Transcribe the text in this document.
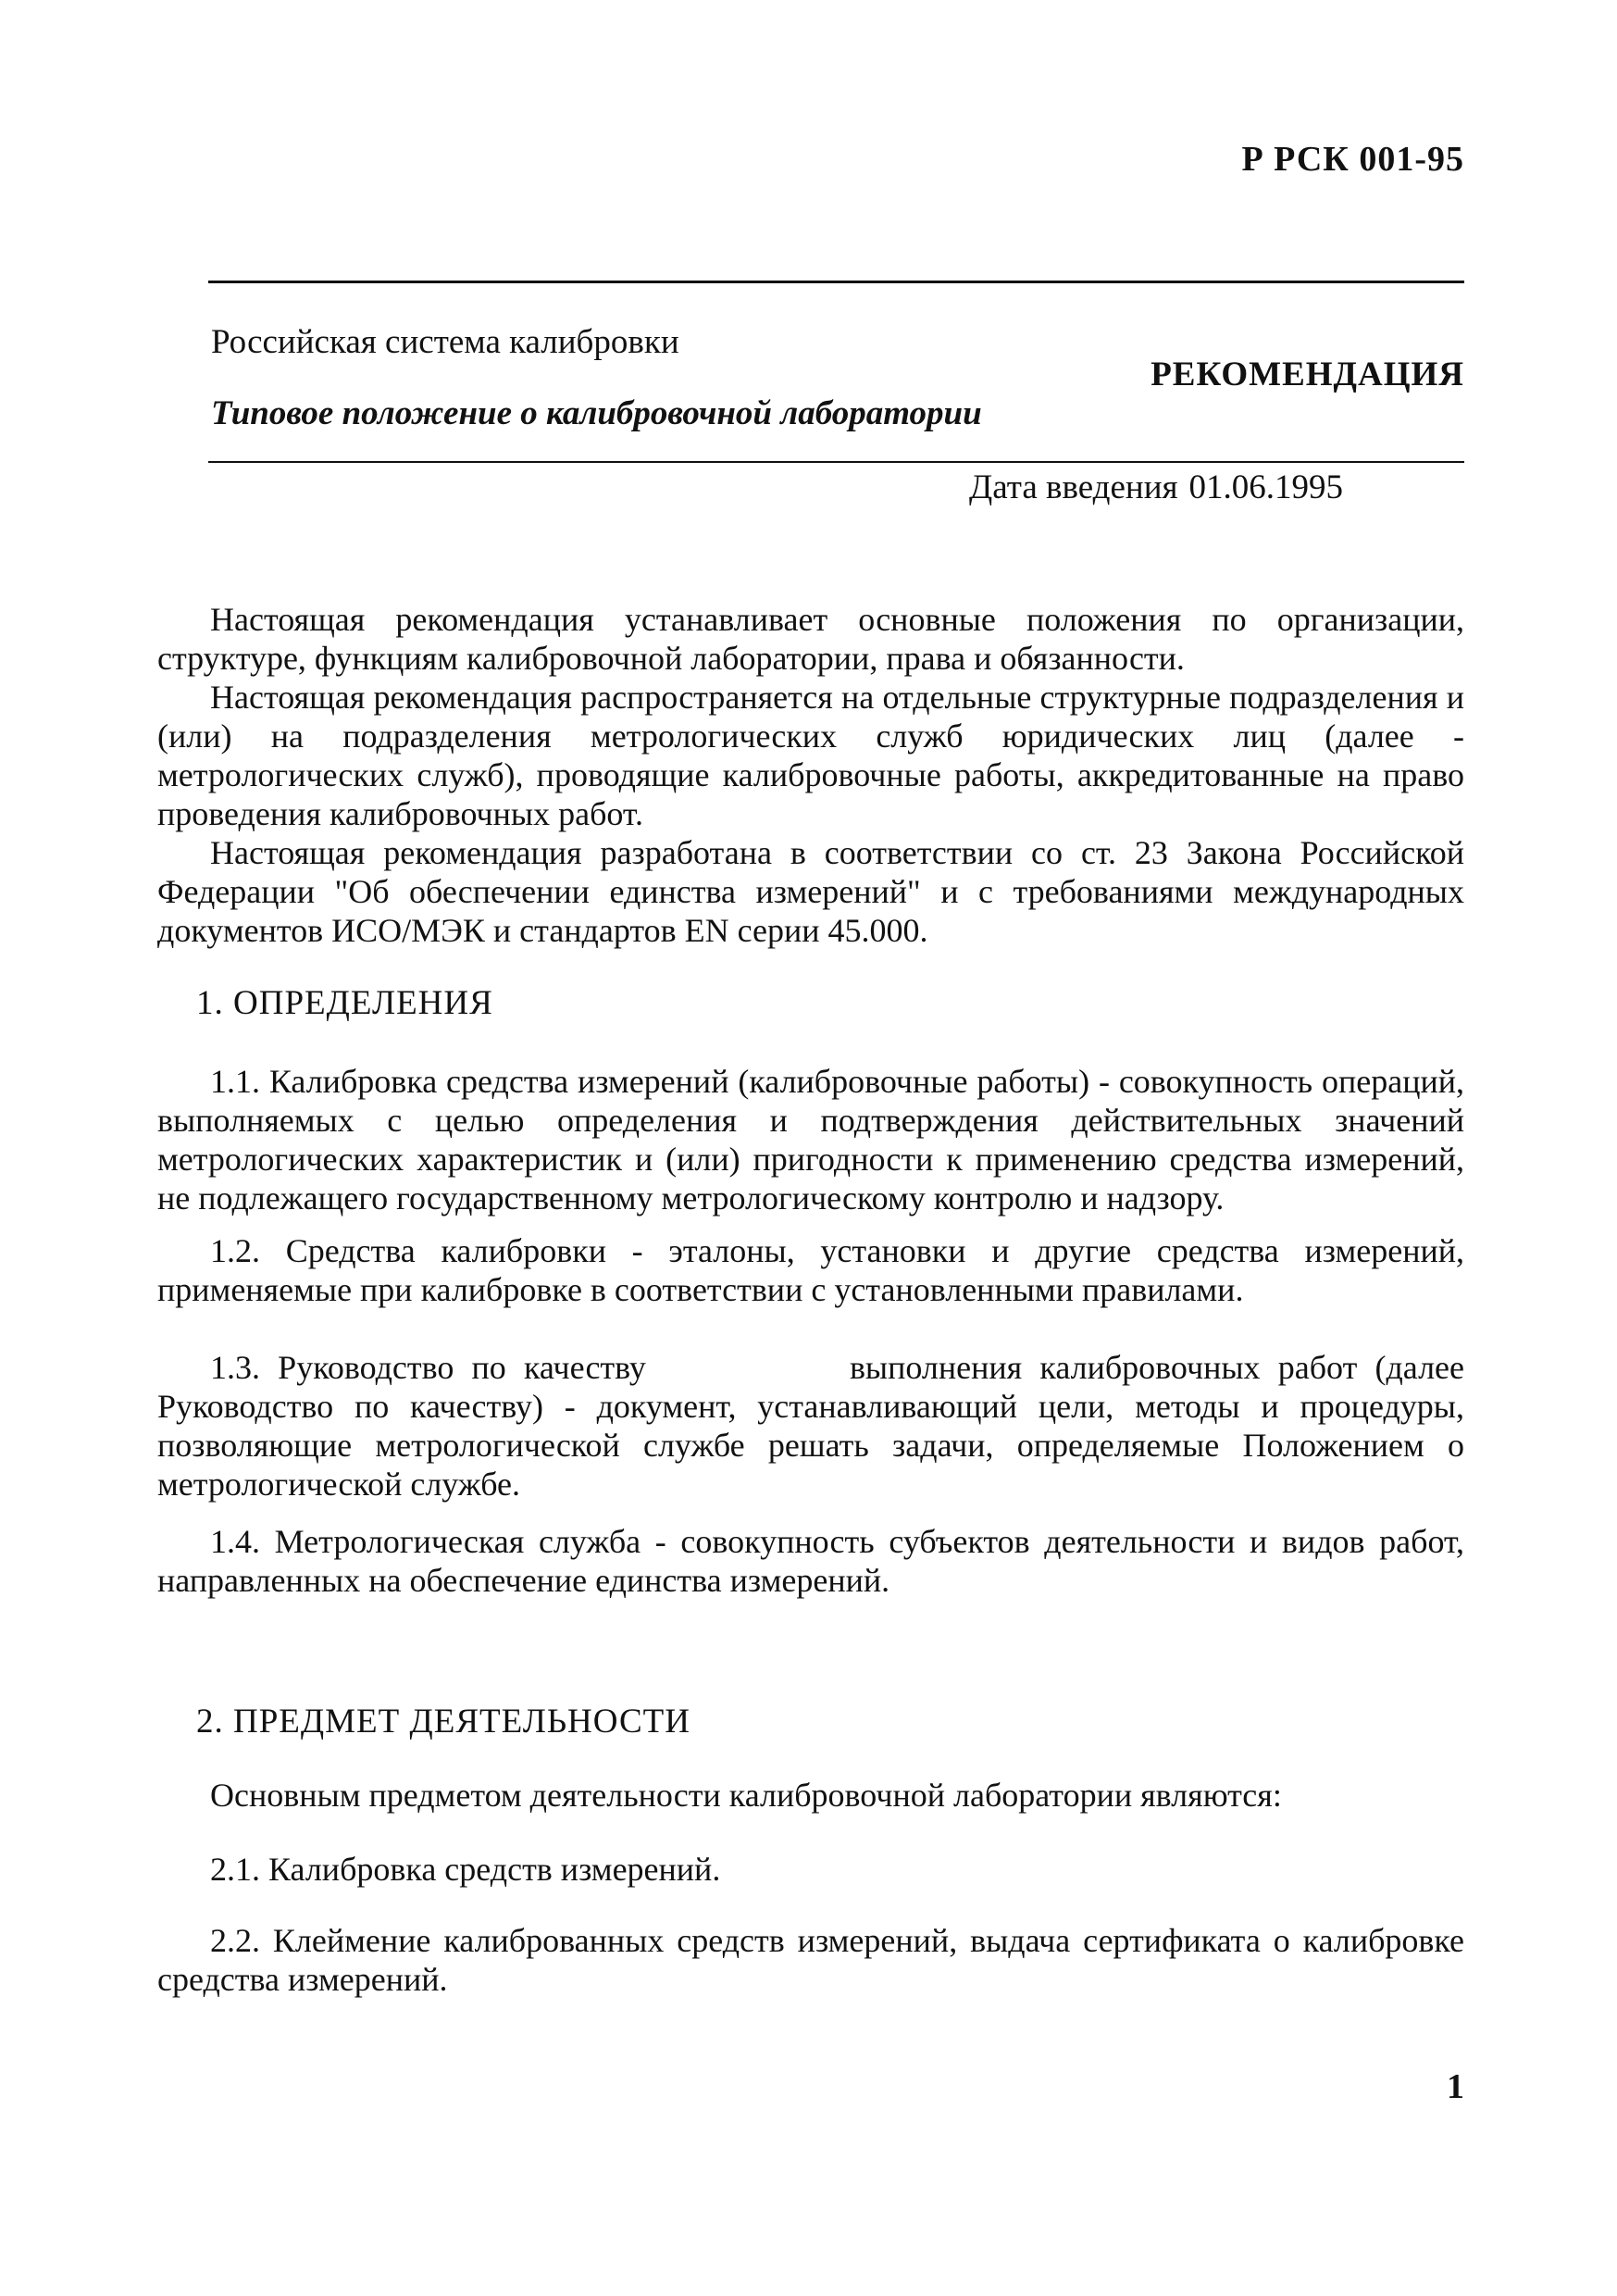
Р РСК 001-95
Российская система калибровки
РЕКОМЕНДАЦИЯ
Типовое положение о калибровочной лаборатории
Дата введения 01.06.1995

Настоящая рекомендация устанавливает основные положения по организации, структуре, функциям калибровочной лаборатории, права и обязанности.

Настоящая рекомендация распространяется на отдельные структурные подразделения и (или) на подразделения метрологических служб юридических лиц (далее - метрологических служб), проводящие калибровочные работы, аккредитованные на право проведения калибровочных работ.

Настоящая рекомендация разработана в соответствии со ст. 23 Закона Российской Федерации "Об обеспечении единства измерений" и с требованиями международных документов ИСО/МЭК и стандартов EN серии 45.000.

1. ОПРЕДЕЛЕНИЯ

1.1. Калибровка средства измерений (калибровочные работы) - совокупность операций, выполняемых с целью определения и подтверждения действительных значений метрологических характеристик и (или) пригодности к применению средства измерений, не подлежащего государственному метрологическому контролю и надзору.

1.2. Средства калибровки - эталоны, установки и другие средства измерений, применяемые при калибровке в соответствии с установленными правилами.

1.3. Руководство по качеству	выполнения калибровочных работ (далее Руководство по качеству) - документ, устанавливающий цели, методы и процедуры, позволяющие метрологической службе решать задачи, определяемые Положением о метрологической службе.

1.4. Метрологическая служба - совокупность субъектов деятельности и видов работ, направленных на обеспечение единства измерений.

2. ПРЕДМЕТ ДЕЯТЕЛЬНОСТИ

Основным предметом деятельности калибровочной лаборатории являются:

2.1. Калибровка средств измерений.

2.2. Клеймение калиброванных средств измерений, выдача сертификата о калибровке средства измерений.

1
